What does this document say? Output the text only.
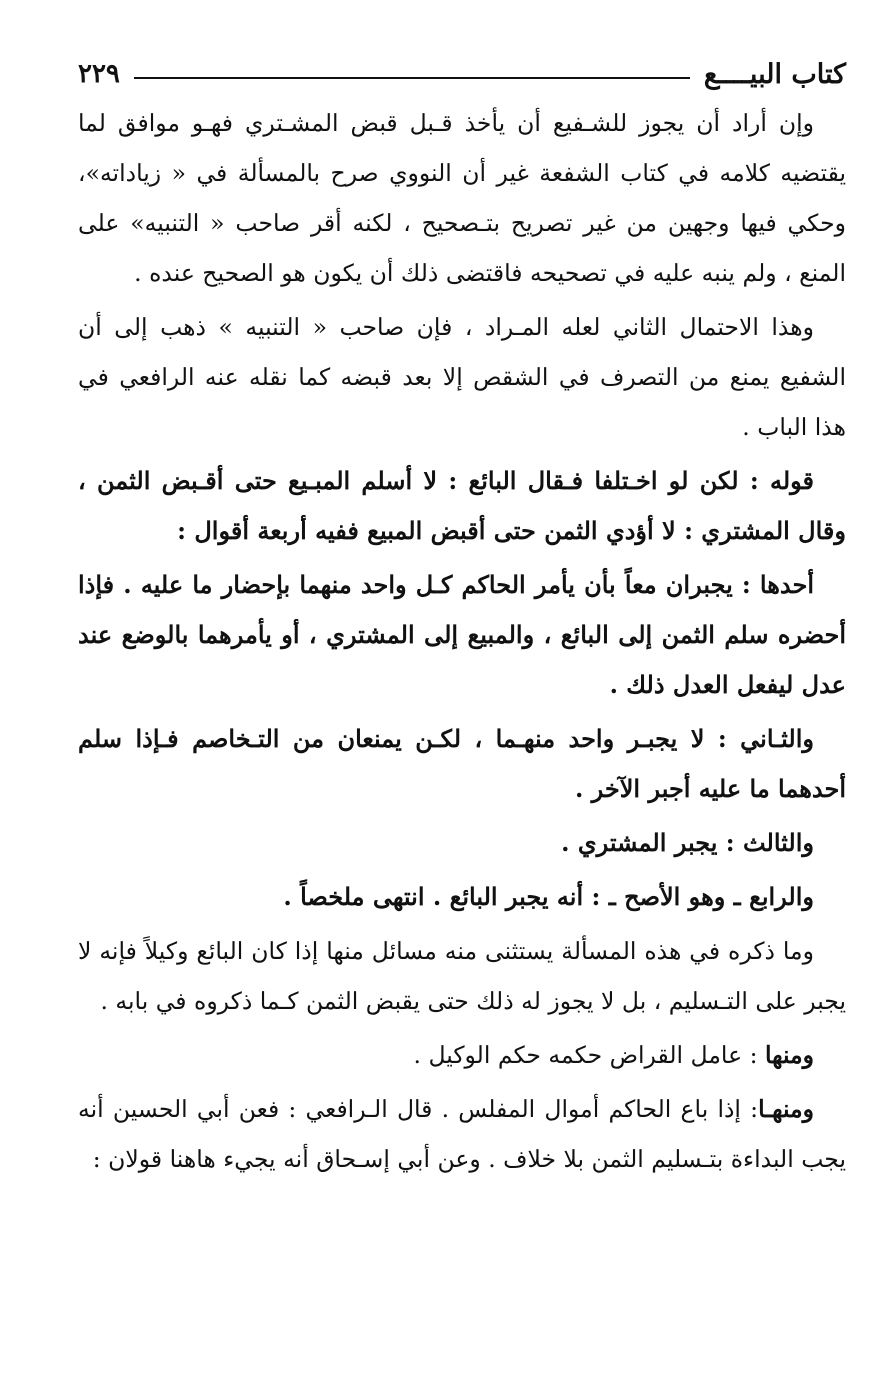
كتاب البيــــع
٢٢٩

وإن أراد أن يجوز للشـفيع أن يأخذ قـبل قبض المشـتري فهـو موافق لما يقتضيه كلامه في كتاب الشفعة غير أن النووي صرح بالمسألة في « زياداته»، وحكي فيها وجهين من غير تصريح بتـصحيح ، لكنه أقر صاحب « التنبيه» على المنع ، ولم ينبه عليه في تصحيحه فاقتضى ذلك أن يكون هو الصحيح عنده .

وهذا الاحتمال الثاني لعله المـراد ، فإن صاحب « التنبيه » ذهب إلى أن الشفيع يمنع من التصرف في الشقص إلا بعد قبضه كما نقله عنه الرافعي في هذا الباب .

قوله : لكن لو اخـتلفا فـقال البائع : لا أسلم المبـيع حتى أقـبض الثمن ، وقال المشتري : لا أؤدي الثمن حتى أقبض المبيع ففيه أربعة أقوال :

أحدها : يجبران معاً بأن يأمر الحاكم كـل واحد منهما بإحضار ما عليه . فإذا أحضره سلم الثمن إلى البائع ، والمبيع إلى المشتري ، أو يأمرهما بالوضع عند عدل ليفعل العدل ذلك .

والثـاني : لا يجبـر واحد منهـما ، لكـن يمنعان من التـخاصم فـإذا سلم أحدهما ما عليه أجبر الآخر .

والثالث : يجبر المشتري .

والرابع ـ وهو الأصح ـ : أنه يجبر البائع . انتهى ملخصاً .

وما ذكره في هذه المسألة يستثنى منه مسائل منها إذا كان البائع وكيلاً فإنه لا يجبر على التـسليم ، بل لا يجوز له ذلك حتى يقبض الثمن كـما ذكروه في بابه .

ومنها : عامل القراض حكمه حكم الوكيل .

ومنهـا: إذا باع الحاكم أموال المفلس . قال الـرافعي : فعن أبي الحسين أنه يجب البداءة بتـسليم الثمن بلا خلاف . وعن أبي إسـحاق أنه يجيء هاهنا قولان :
